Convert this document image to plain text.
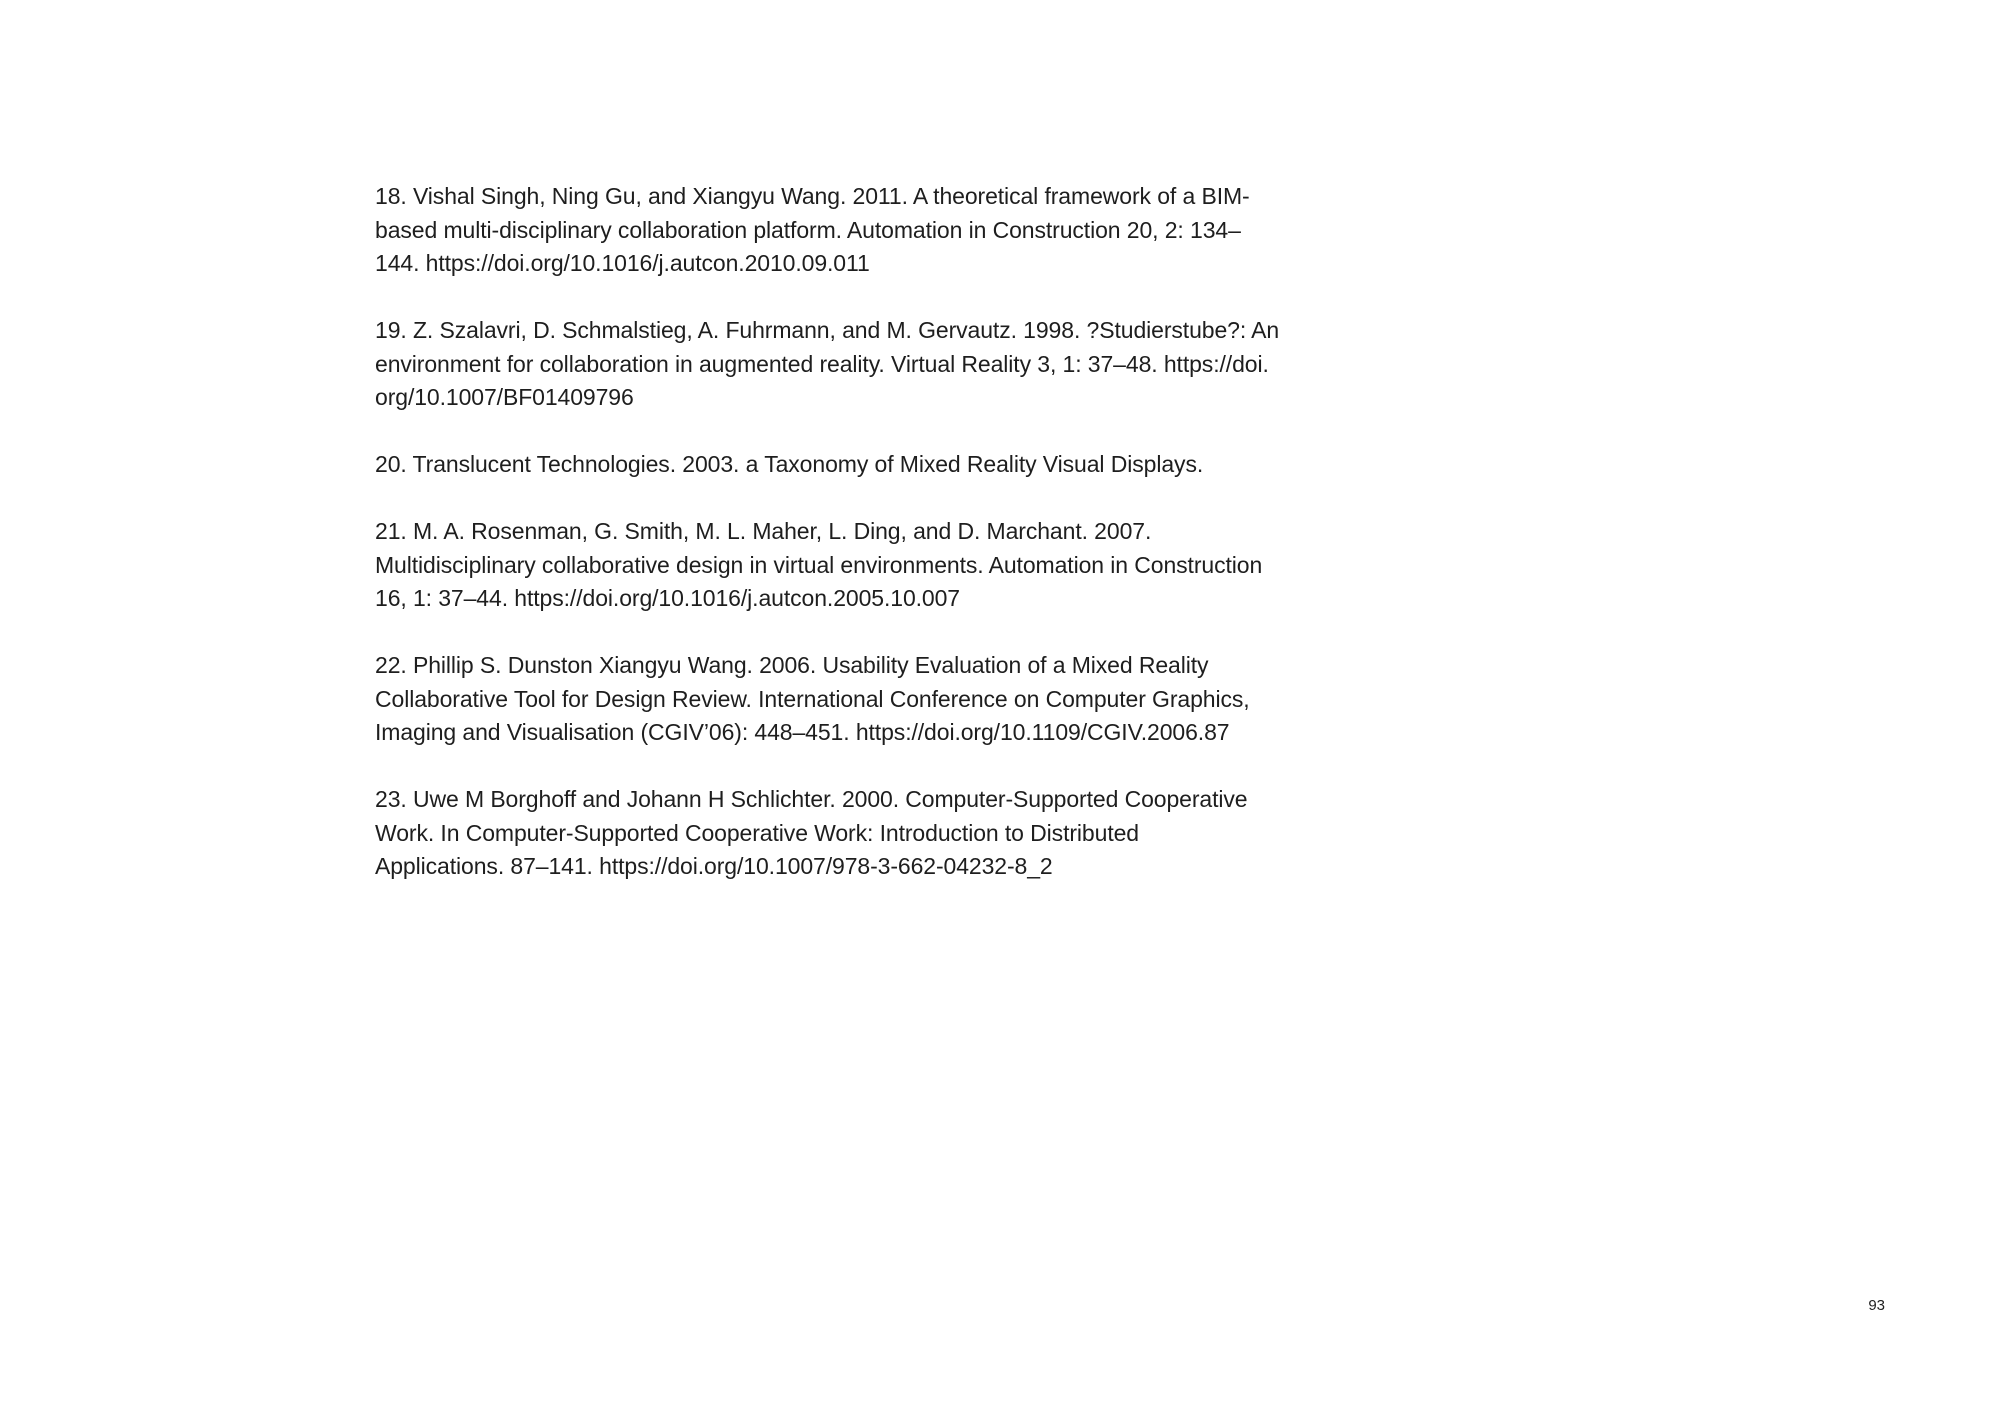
18. Vishal Singh, Ning Gu, and Xiangyu Wang. 2011. A theoretical framework of a BIM-
based multi-disciplinary collaboration platform. Automation in Construction 20, 2: 134–
144. https://doi.org/10.1016/j.autcon.2010.09.011

19. Z. Szalavri, D. Schmalstieg, A. Fuhrmann, and M. Gervautz. 1998. ?Studierstube?: An
environment for collaboration in augmented reality. Virtual Reality 3, 1: 37–48. https://doi.
org/10.1007/BF01409796

20. Translucent Technologies. 2003. a Taxonomy of Mixed Reality Visual Displays.

21. M. A. Rosenman, G. Smith, M. L. Maher, L. Ding, and D. Marchant. 2007.
Multidisciplinary collaborative design in virtual environments. Automation in Construction
16, 1: 37–44. https://doi.org/10.1016/j.autcon.2005.10.007

22. Phillip S. Dunston Xiangyu Wang. 2006. Usability Evaluation of a Mixed Reality
Collaborative Tool for Design Review. International Conference on Computer Graphics,
Imaging and Visualisation (CGIV’06): 448–451. https://doi.org/10.1109/CGIV.2006.87

23. Uwe M Borghoff and Johann H Schlichter. 2000. Computer-Supported Cooperative
Work. In Computer-Supported Cooperative Work: Introduction to Distributed
Applications. 87–141. https://doi.org/10.1007/978-3-662-04232-8_2

93
